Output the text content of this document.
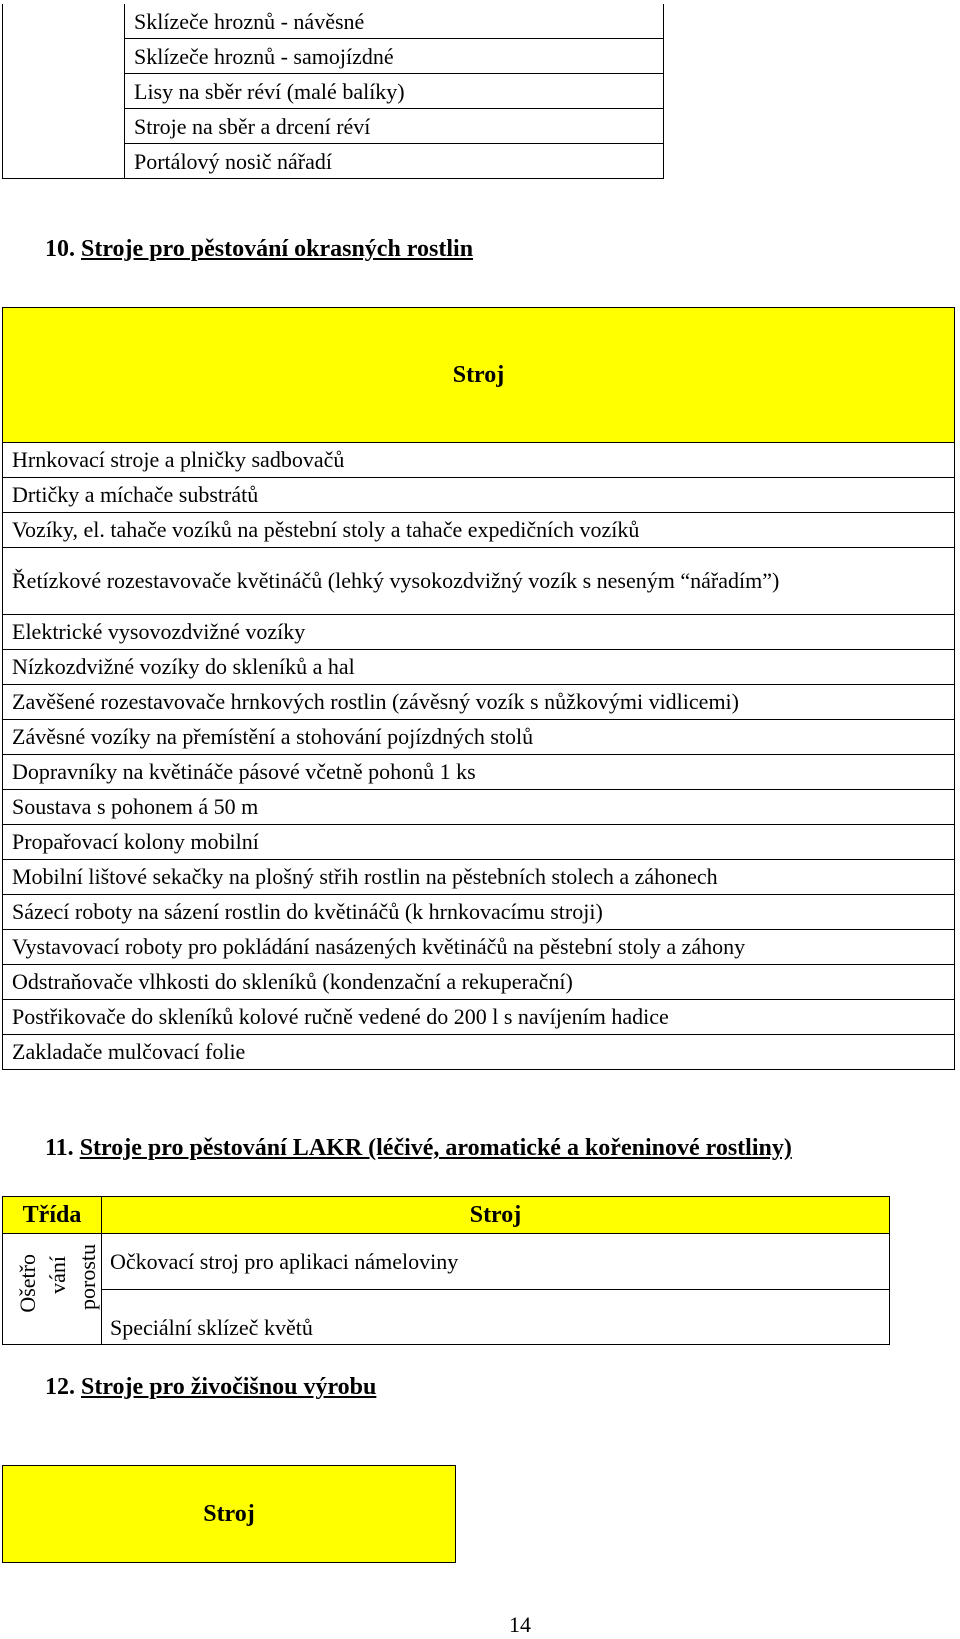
	Sklízeče hroznů - návěsné
Sklízeče hroznů - samojízdné
Lisy na sběr réví (malé balíky)
Stroje na sběr a drcení réví
Portálový nosič nářadí
10. Stroje pro pěstování okrasných rostlin
Stroj
Hrnkovací stroje a plničky sadbovačů
Drtičky a míchače substrátů
Vozíky, el. tahače vozíků na pěstební stoly a tahače expedičních vozíků
Řetízkové rozestavovače květináčů (lehký vysokozdvižný vozík s neseným “nářadím”)
Elektrické vysovozdvižné vozíky
Nízkozdvižné vozíky do skleníků a hal
Zavěšené rozestavovače hrnkových rostlin (závěsný vozík s nůžkovými vidlicemi)
Závěsné vozíky na přemístění a stohování pojízdných stolů
Dopravníky na květináče pásové včetně pohonů 1 ks
Soustava s pohonem á 50 m
Propařovací kolony mobilní
Mobilní lištové sekačky na plošný střih rostlin na pěstebních stolech a záhonech
Sázecí roboty na sázení rostlin do květináčů (k hrnkovacímu stroji)
Vystavovací roboty pro pokládání nasázených květináčů na pěstební stoly a záhony
Odstraňovače vlhkosti do skleníků (kondenzační a rekuperační)
Postřikovače do skleníků kolové ručně vedené do 200 l s navíjením hadice
Zakladače mulčovací folie
11. Stroje pro pěstování LAKR (léčivé, aromatické a kořeninové rostliny)
Třída	Stroj

Ošetřo vání porostu	Očkovací stroj pro aplikaci námeloviny
	Speciální sklízeč květů
12. Stroje pro živočišnou výrobu
Stroj
14
